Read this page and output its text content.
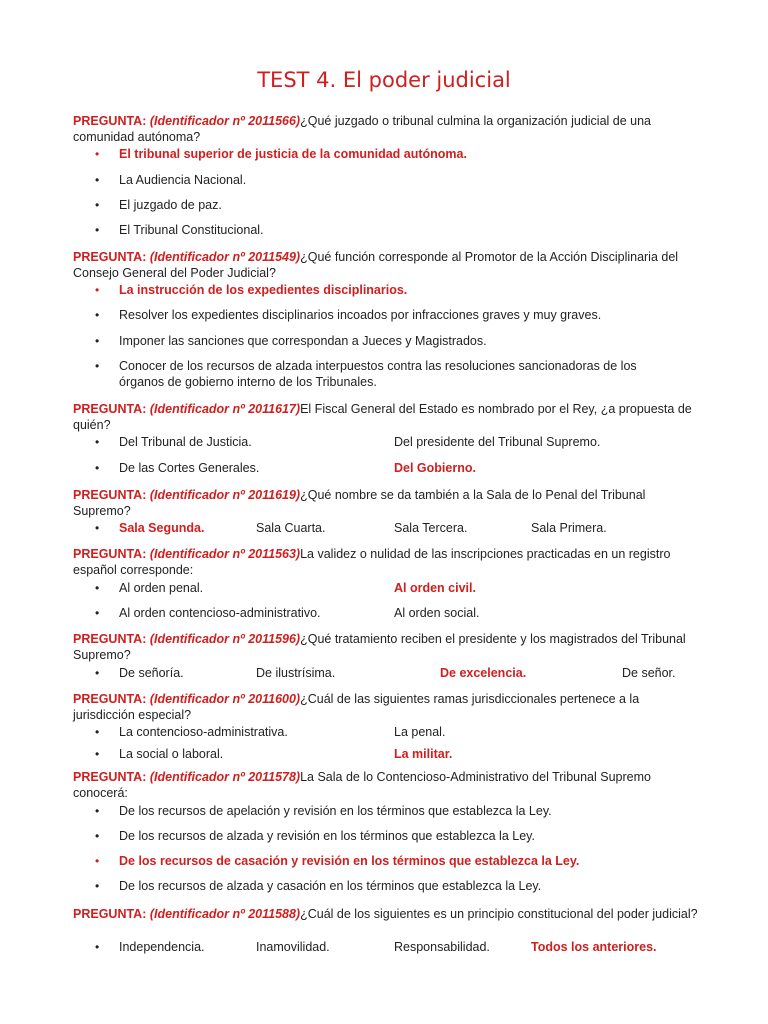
TEST 4. El poder judicial
PREGUNTA: (Identificador nº 2011566)¿Qué juzgado o tribunal culmina la organización judicial de una comunidad autónoma?
• El tribunal superior de justicia de la comunidad autónoma.
• La Audiencia Nacional.
• El juzgado de paz.
• El Tribunal Constitucional.
PREGUNTA: (Identificador nº 2011549)¿Qué función corresponde al Promotor de la Acción Disciplinaria del Consejo General del Poder Judicial?
• La instrucción de los expedientes disciplinarios.
• Resolver los expedientes disciplinarios incoados por infracciones graves y muy graves.
• Imponer las sanciones que correspondan a Jueces y Magistrados.
• Conocer de los recursos de alzada interpuestos contra las resoluciones sancionadoras de los órganos de gobierno interno de los Tribunales.
PREGUNTA: (Identificador nº 2011617)El Fiscal General del Estado es nombrado por el Rey, ¿a propuesta de quién?
• Del Tribunal de Justicia.	Del presidente del Tribunal Supremo.
• De las Cortes Generales.	Del Gobierno.
PREGUNTA: (Identificador nº 2011619)¿Qué nombre se da también a la Sala de lo Penal del Tribunal Supremo?
• Sala Segunda.	Sala Cuarta.	Sala Tercera.	Sala Primera.
PREGUNTA: (Identificador nº 2011563)La validez o nulidad de las inscripciones practicadas en un registro español corresponde:
• Al orden penal.	Al orden civil.
• Al orden contencioso-administrativo.	Al orden social.
PREGUNTA: (Identificador nº 2011596)¿Qué tratamiento reciben el presidente y los magistrados del Tribunal Supremo?
• De señoría.	De ilustrísima.	De excelencia.	De señor.
PREGUNTA: (Identificador nº 2011600)¿Cuál de las siguientes ramas jurisdiccionales pertenece a la jurisdicción especial?
• La contencioso-administrativa.	La penal.
• La social o laboral.	La militar.
PREGUNTA: (Identificador nº 2011578)La Sala de lo Contencioso-Administrativo del Tribunal Supremo conocerá:
• De los recursos de apelación y revisión en los términos que establezca la Ley.
• De los recursos de alzada y revisión en los términos que establezca la Ley.
• De los recursos de casación y revisión en los términos que establezca la Ley.
• De los recursos de alzada y casación en los términos que establezca la Ley.
PREGUNTA: (Identificador nº 2011588)¿Cuál de los siguientes es un principio constitucional del poder judicial?
• Independencia.	Inamovilidad.	Responsabilidad.	Todos los anteriores.
